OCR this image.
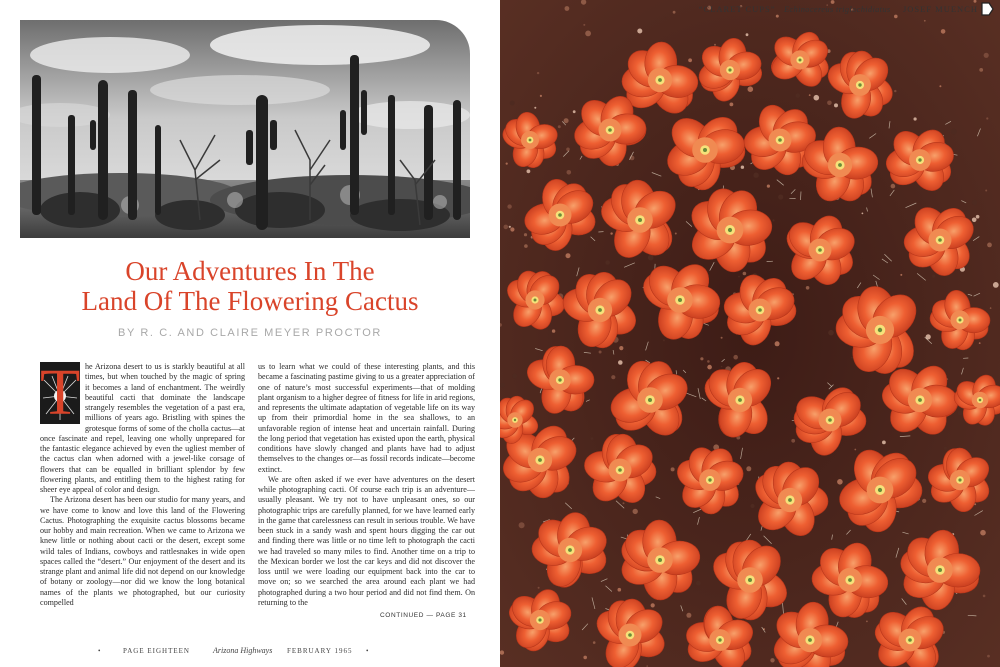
Our Adventures In The
Land Of The Flowering Cactus
BY R. C. AND CLAIRE MEYER PROCTOR
T he Arizona desert to us is starkly beautiful at all times, but when touched by the magic of spring it becomes a land of enchantment. The weirdly beautiful cacti that dominate the landscape strangely resembles the vegetation of a past era, millions of years ago. Bristling with spines the grotesque forms of some of the cholla cactus—at once fascinate and repel, leaving one wholly unprepared for the fantastic elegance achieved by even the ugliest member of the cactus clan when adorned with a jewel-like corsage of flowers that can be equalled in brilliant splendor by few flowering plants, and entitling them to the highest rating for sheer eye appeal of color and design.

The Arizona desert has been our studio for many years, and we have come to know and love this land of the Flowering Cactus. Photographing the exquisite cactus blossoms became our hobby and main recreation. When we came to Arizona we knew little or nothing about cacti or the desert, except some wild tales of Indians, cowboys and rattlesnakes in wide open spaces called the “desert.” Our enjoyment of the desert and its strange plant and animal life did not depend on our knowledge of botany or zoology—nor did we know the long botanical names of the plants we photographed, but our curiosity compelled

us to learn what we could of these interesting plants, and this became a fascinating pastime giving to us a greater appreciation of one of nature’s most successful experiments—that of molding plant organism to a higher degree of fitness for life in arid regions, and represents the ultimate adaptation of vegetable life on its way up from their primordial home in the sea shallows, to an unfavorable region of intense heat and uncertain rainfall. During the long period that vegetation has existed upon the earth, physical conditions have slowly changed and plants have had to adjust themselves to the changes or—as fossil records indicate—become extinct.

We are often asked if we ever have adventures on the desert while photographing cacti. Of course each trip is an adventure—usually pleasant. We try not to have unpleasant ones, so our photographic trips are carefully planned, for we have learned early in the game that carelessness can result in serious trouble. We have been stuck in a sandy wash and spent hours digging the car out and finding there was little or no time left to photograph the cacti we had traveled so many miles to find. Another time on a trip to the Mexican border we lost the car keys and did not discover the loss until we were loading our equipment back into the car to move on; so we searched the area around each plant we had photographed during a two hour period and did not find them. On returning to the

CONTINUED — PAGE 31
•	PAGE EIGHTEEN	Arizona Highways FEBRUARY 1965 •
“CLARET CUPS” Echinocereus triglochidiatus JOSEF MUENCH
